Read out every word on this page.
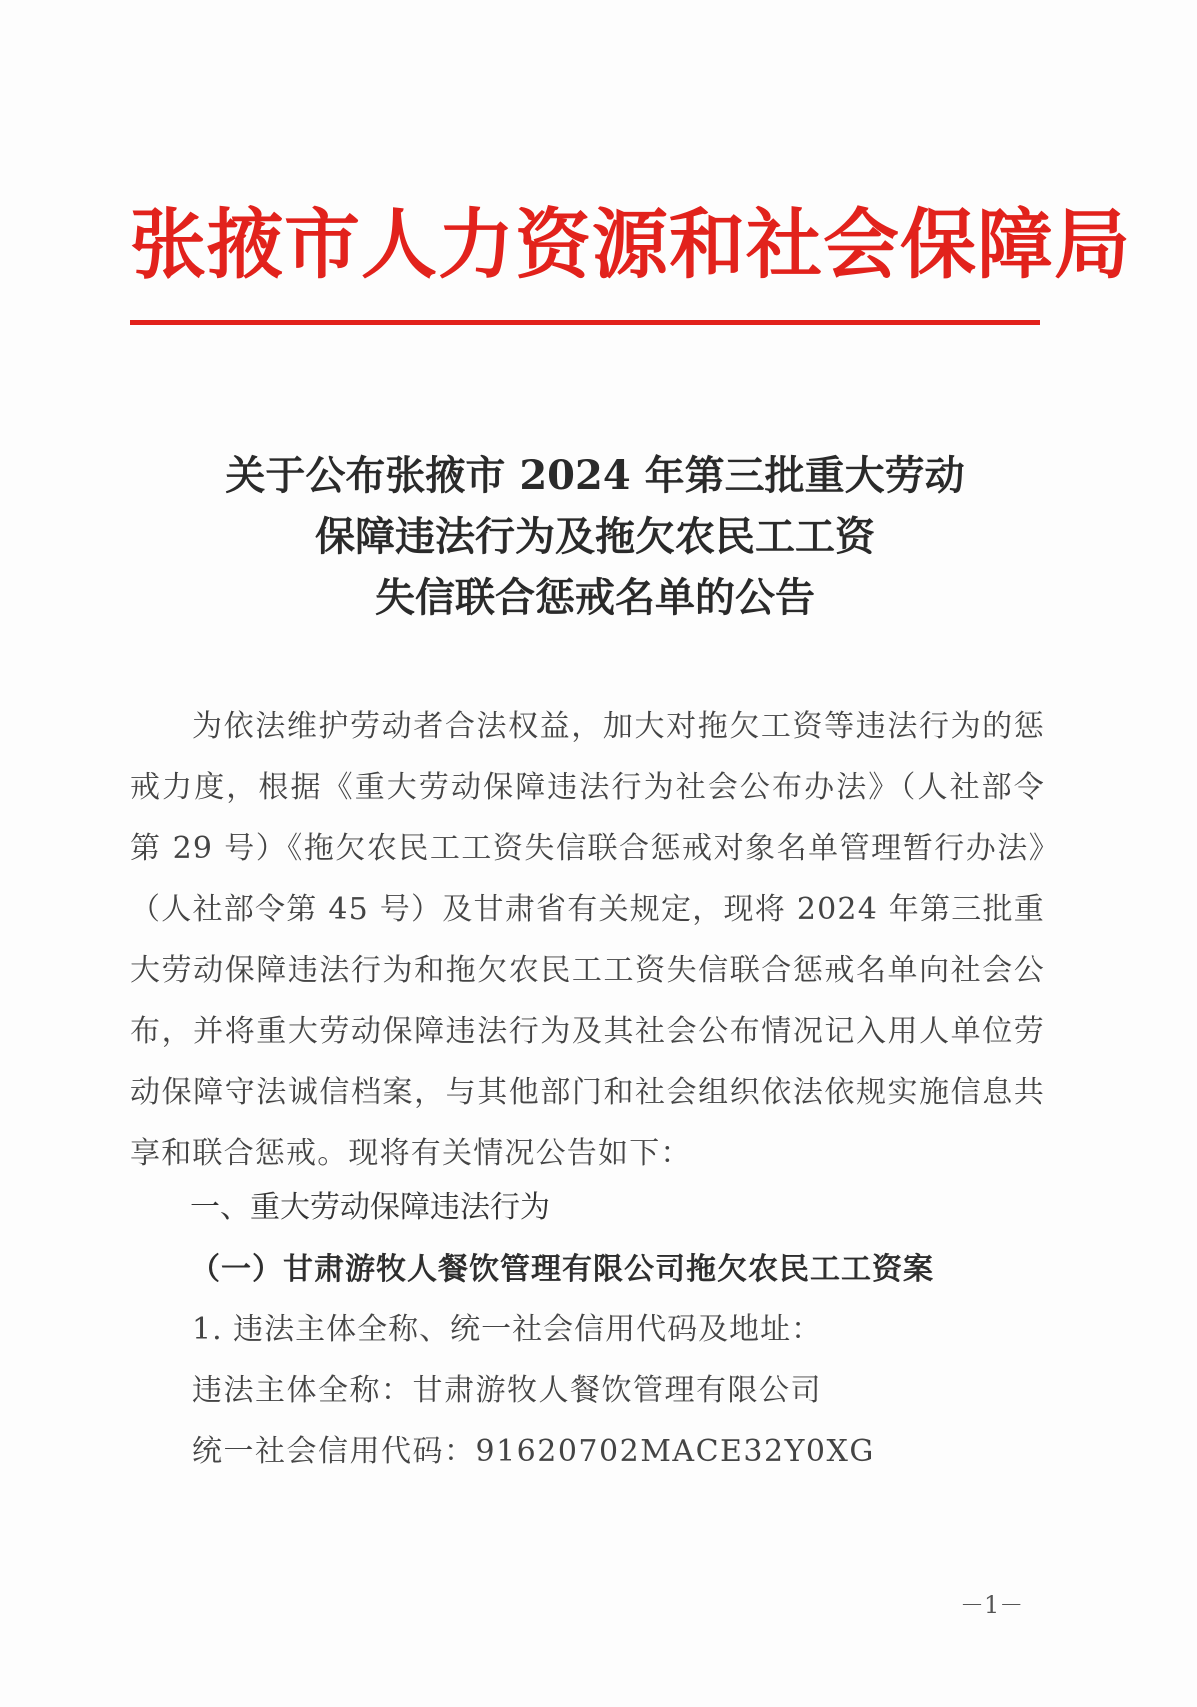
张掖市人力资源和社会保障局
关于公布张掖市 2024 年第三批重大劳动
保障违法行为及拖欠农民工工资
失信联合惩戒名单的公告
为依法维护劳动者合法权益，加大对拖欠工资等违法行为的惩戒力度，根据《重大劳动保障违法行为社会公布办法》（人社部令第 29 号）《拖欠农民工工资失信联合惩戒对象名单管理暂行办法》（人社部令第 45 号）及甘肃省有关规定，现将 2024 年第三批重大劳动保障违法行为和拖欠农民工工资失信联合惩戒名单向社会公布，并将重大劳动保障违法行为及其社会公布情况记入用人单位劳动保障守法诚信档案，与其他部门和社会组织依法依规实施信息共享和联合惩戒。现将有关情况公告如下：
一、重大劳动保障违法行为
（一）甘肃游牧人餐饮管理有限公司拖欠农民工工资案
1. 违法主体全称、统一社会信用代码及地址：
违法主体全称：甘肃游牧人餐饮管理有限公司
统一社会信用代码：91620702MACE32Y0XG
－1－
